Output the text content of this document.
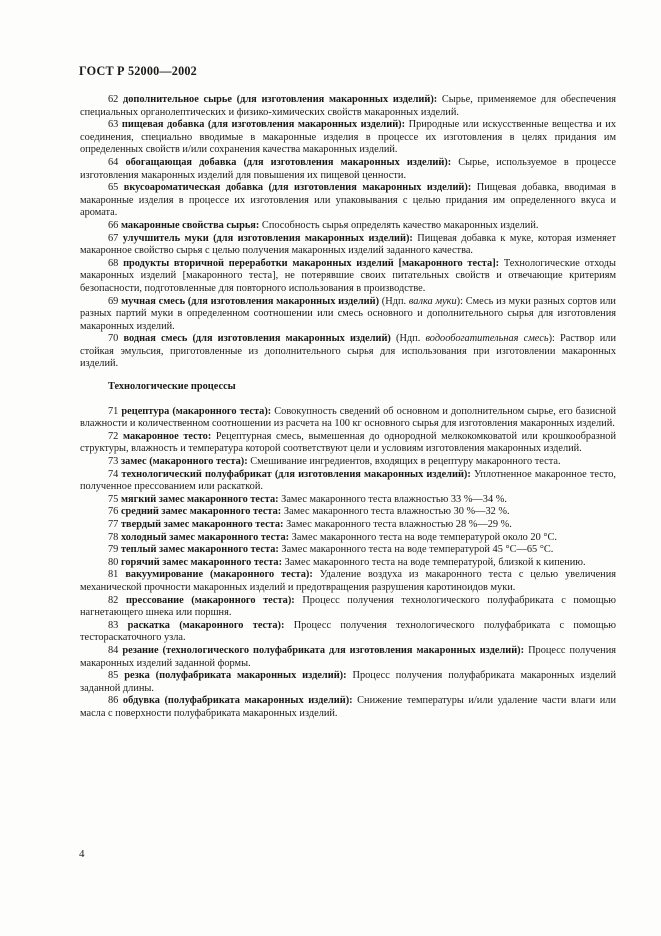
ГОСТ Р 52000—2002

62 дополнительное сырье (для изготовления макаронных изделий): Сырье, применяемое для обеспечения специальных органолептических и физико-химических свойств макаронных изделий.

63 пищевая добавка (для изготовления макаронных изделий): Природные или искусственные вещества и их соединения, специально вводимые в макаронные изделия в процессе их изготовления в целях придания им определенных свойств и/или сохранения качества макаронных изделий.

64 обогащающая добавка (для изготовления макаронных изделий): Сырье, используемое в процессе изготовления макаронных изделий для повышения их пищевой ценности.

65 вкусоароматическая добавка (для изготовления макаронных изделий): Пищевая добавка, вводимая в макаронные изделия в процессе их изготовления или упаковывания с целью придания им определенного вкуса и аромата.

66 макаронные свойства сырья: Способность сырья определять качество макаронных изделий.

67 улучшитель муки (для изготовления макаронных изделий): Пищевая добавка к муке, которая изменяет макаронное свойство сырья с целью получения макаронных изделий заданного качества.

68 продукты вторичной переработки макаронных изделий [макаронного теста]: Технологические отходы макаронных изделий [макаронного теста], не потерявшие своих питательных свойств и отвечающие критериям безопасности, подготовленные для повторного использования в производстве.

69 мучная смесь (для изготовления макаронных изделий) (Ндп. валка муки): Смесь из муки разных сортов или разных партий муки в определенном соотношении или смесь основного и дополнительного сырья для изготовления макаронных изделий.

70 водная смесь (для изготовления макаронных изделий) (Ндп. водообогатительная смесь): Раствор или стойкая эмульсия, приготовленные из дополнительного сырья для использования при изготовлении макаронных изделий.

Технологические процессы

71 рецептура (макаронного теста): Совокупность сведений об основном и дополнительном сырье, его базисной влажности и количественном соотношении из расчета на 100 кг основного сырья для изготовления макаронных изделий.

72 макаронное тесто: Рецептурная смесь, вымешенная до однородной мелкокомковатой или крошкообразной структуры, влажность и температура которой соответствуют цели и условиям изготовления макаронных изделий.

73 замес (макаронного теста): Смешивание ингредиентов, входящих в рецептуру макаронного теста.

74 технологический полуфабрикат (для изготовления макаронных изделий): Уплотненное макаронное тесто, полученное прессованием или раскаткой.

75 мягкий замес макаронного теста: Замес макаронного теста влажностью 33 %—34 %.

76 средний замес макаронного теста: Замес макаронного теста влажностью 30 %—32 %.

77 твердый замес макаронного теста: Замес макаронного теста влажностью 28 %—29 %.

78 холодный замес макаронного теста: Замес макаронного теста на воде температурой около 20 °С.

79 теплый замес макаронного теста: Замес макаронного теста на воде температурой 45 °С—65 °С.

80 горячий замес макаронного теста: Замес макаронного теста на воде температурой, близкой к кипению.

81 вакуумирование (макаронного теста): Удаление воздуха из макаронного теста с целью увеличения механической прочности макаронных изделий и предотвращения разрушения каротиноидов муки.

82 прессование (макаронного теста): Процесс получения технологического полуфабриката с помощью нагнетающего шнека или поршня.

83 раскатка (макаронного теста): Процесс получения технологического полуфабриката с помощью тестораскаточного узла.

84 резание (технологического полуфабриката для изготовления макаронных изделий): Процесс получения макаронных изделий заданной формы.

85 резка (полуфабриката макаронных изделий): Процесс получения полуфабриката макаронных изделий заданной длины.

86 обдувка (полуфабриката макаронных изделий): Снижение температуры и/или удаление части влаги или масла с поверхности полуфабриката макаронных изделий.

4
